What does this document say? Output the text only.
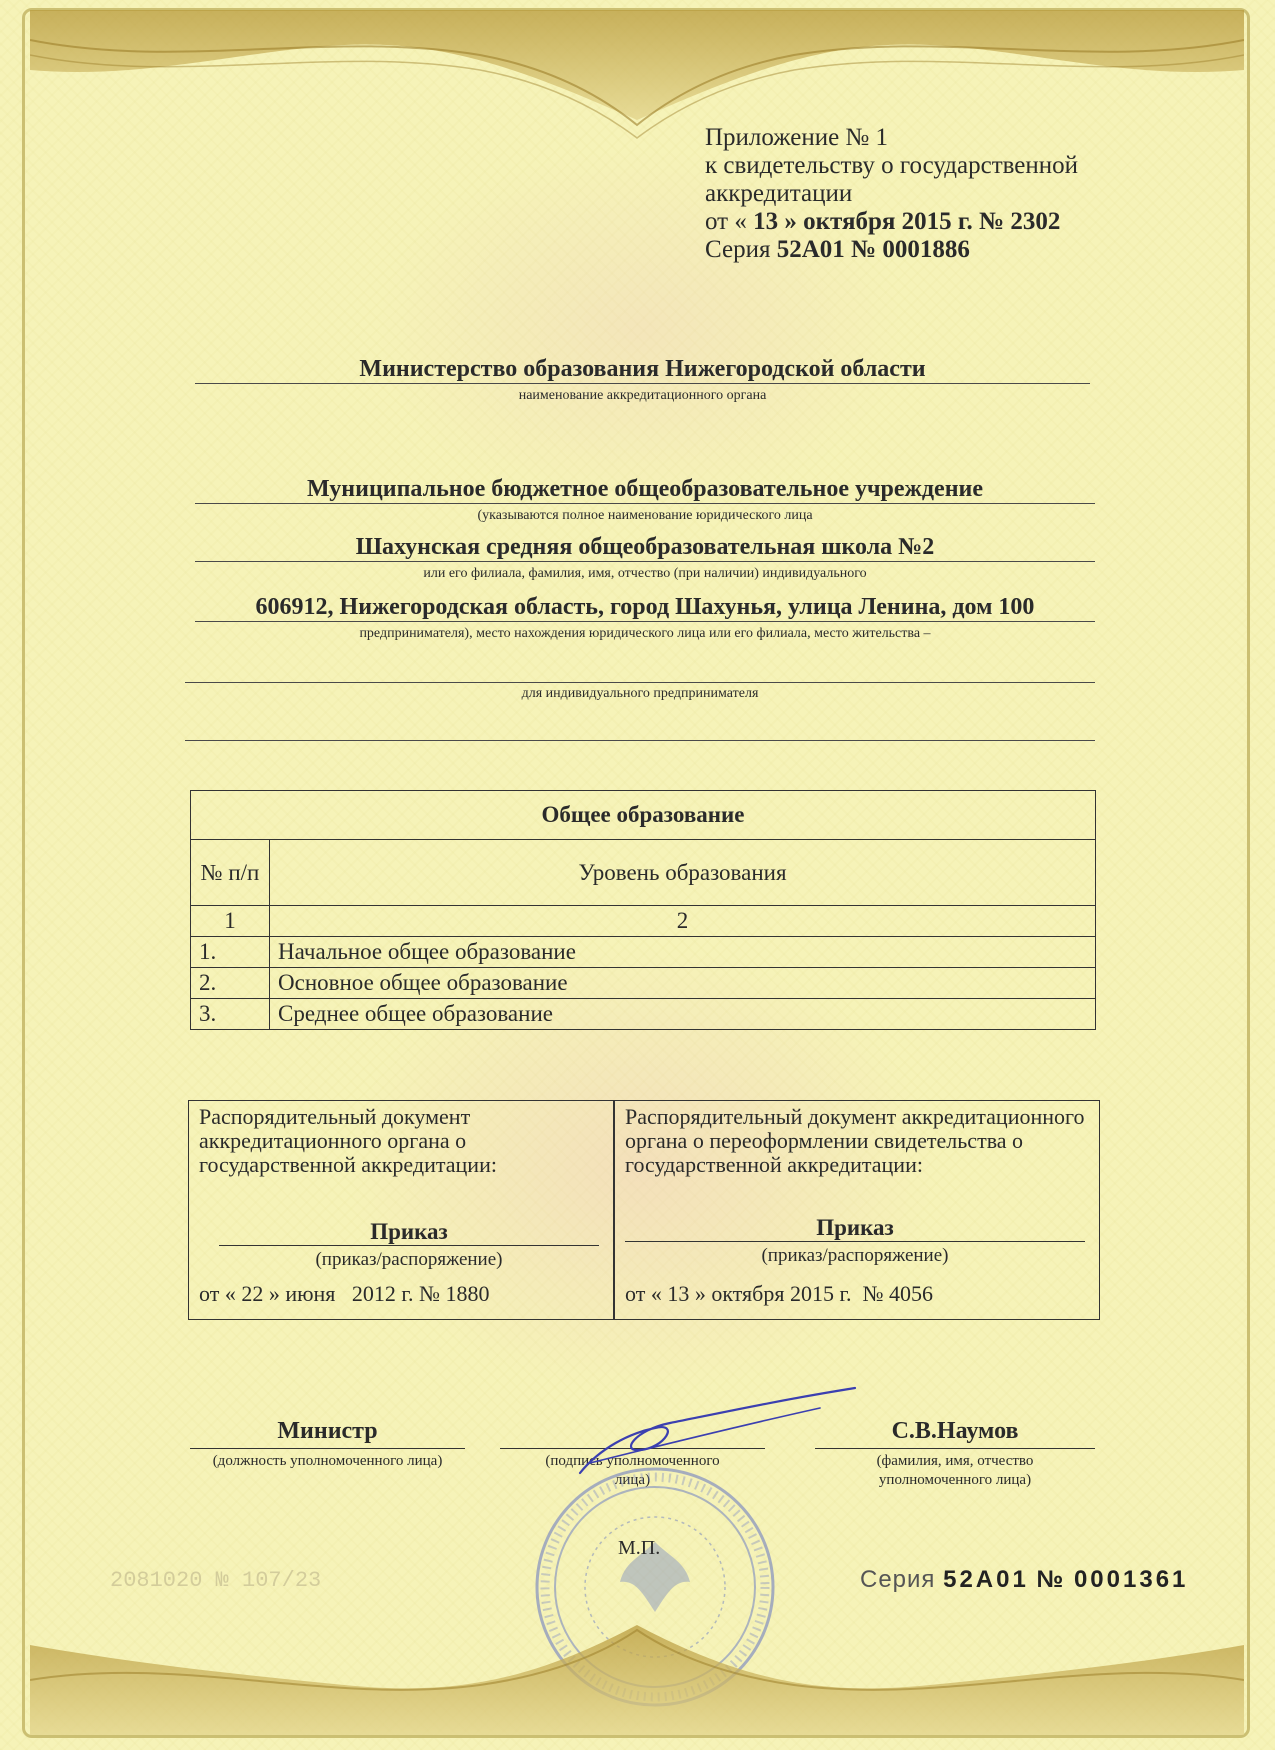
Приложение № 1
к свидетельству о государственной
аккредитации
от « 13 » октября 2015 г. № 2302
Серия 52А01 № 0001886
Министерство образования Нижегородской области
наименование аккредитационного органа
Муниципальное бюджетное общеобразовательное учреждение
(указываются полное наименование юридического лица
Шахунская средняя общеобразовательная школа №2
или его филиала, фамилия, имя, отчество (при наличии) индивидуального
606912, Нижегородская область, город Шахунья, улица Ленина, дом 100
предпринимателя), место нахождения юридического лица или его филиала, место жительства –
для индивидуального предпринимателя
Общее образование	
№ п/п	Уровень образования
1	2
1.	Начальное общее образование
2.	Основное общее образование
3.	Среднее общее образование
Распорядительный документ аккредитационного органа о государственной аккредитации:
Приказ
(приказ/распоряжение)
от « 22 » июня   2012 г. № 1880
Распорядительный документ аккредитационного органа о переоформлении свидетельства о государственной аккредитации:
Приказ
(приказ/распоряжение)
от « 13 » октября 2015 г.  № 4056
Министр
(должность уполномоченного лица)	(подпись уполномоченного лица)
С.В.Наумов
(фамилия, имя, отчество уполномоченного лица)
М.П.
2081020 № 107/23	Серия 52А01 № 0001361
